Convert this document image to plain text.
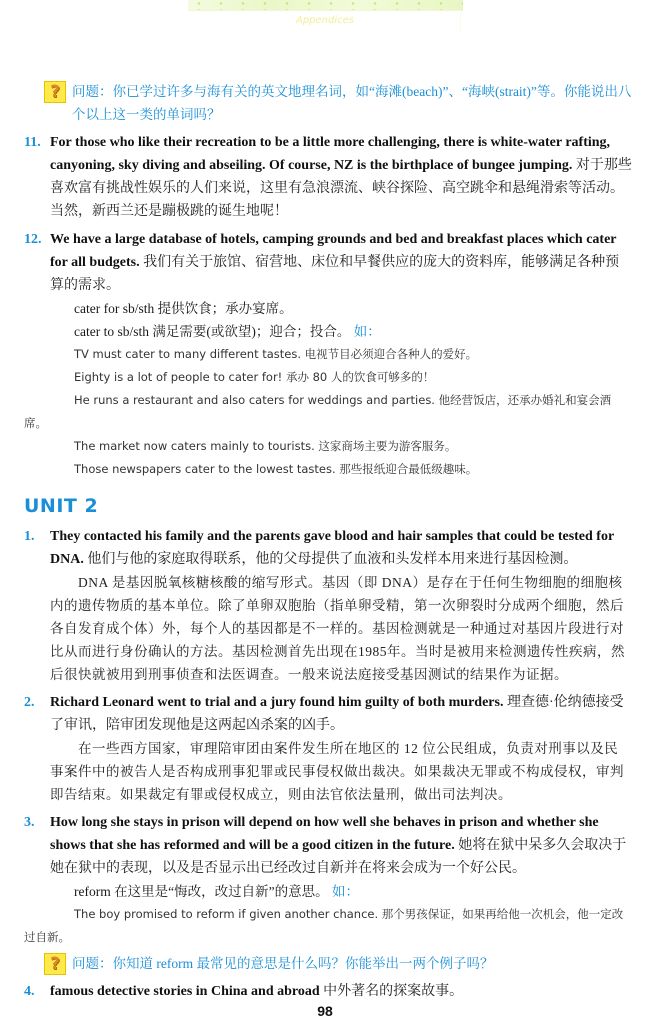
Appendices
? 问题：你已学过许多与海有关的英文地理名词，如“海滩(beach)”、“海峡(strait)”等。你能说出八个以上这一类的单词吗？
11. For those who like their recreation to be a little more challenging, there is white-water rafting, canyoning, sky diving and abseiling. Of course, NZ is the birthplace of bungee jumping. 对于那些喜欢富有挑战性娱乐的人们来说，这里有急浪漂流、峡谷探险、高空跳伞和悬绳滑索等活动。当然，新西兰还是蹦极跳的诞生地呢！
12. We have a large database of hotels, camping grounds and bed and breakfast places which cater for all budgets. 我们有关于旅馆、宿营地、床位和早餐供应的庞大的资料库，能够满足各种预算的需求。
cater for sb/sth 提供饮食；承办宴席。
cater to sb/sth 满足需要(或欲望)；迎合；投合。 如：
TV must cater to many different tastes. 电视节目必须迎合各种人的爱好。
Eighty is a lot of people to cater for! 承办 80 人的饮食可够多的！
He runs a restaurant and also caters for weddings and parties. 他经营饭店，还承办婚礼和宴会酒席。
The market now caters mainly to tourists. 这家商场主要为游客服务。
Those newspapers cater to the lowest tastes. 那些报纸迎合最低级趣味。
UNIT 2
1.	They contacted his family and the parents gave blood and hair samples that could be tested for DNA. 他们与他的家庭取得联系，他的父母提供了血液和头发样本用来进行基因检测。
DNA 是基因脱氧核糖核酸的缩写形式。基因（即 DNA）是存在于任何生物细胞的细胞核内的遗传物质的基本单位。除了单卵双胞胎（指单卵受精，第一次卵裂时分成两个细胞，然后各自发育成个体）外，每个人的基因都是不一样的。基因检测就是一种通过对基因片段进行对比从而进行身份确认的方法。基因检测首先出现在1985年。当时是被用来检测遗传性疾病，然后很快就被用到刑事侦查和法医调查。一般来说法庭接受基因测试的结果作为证据。
2.	Richard Leonard went to trial and a jury found him guilty of both murders. 理查德·伦纳德接受了审讯，陪审团发现他是这两起凶杀案的凶手。
在一些西方国家，审理陪审团由案件发生所在地区的 12 位公民组成，负责对刑事以及民事案件中的被告人是否构成刑事犯罪或民事侵权做出裁决。如果裁决无罪或不构成侵权，审判即告结束。如果裁定有罪或侵权成立，则由法官依法量刑，做出司法判决。
3.	How long she stays in prison will depend on how well she behaves in prison and whether she shows that she has reformed and will be a good citizen in the future. 她将在狱中呆多久会取决于她在狱中的表现，以及是否显示出已经改过自新并在将来会成为一个好公民。
reform 在这里是“悔改，改过自新”的意思。 如：
The boy promised to reform if given another chance. 那个男孩保证，如果再给他一次机会，他一定改过自新。
? 问题：你知道 reform 最常见的意思是什么吗？你能举出一两个例子吗？
4.	famous detective stories in China and abroad 中外著名的探案故事。
98
